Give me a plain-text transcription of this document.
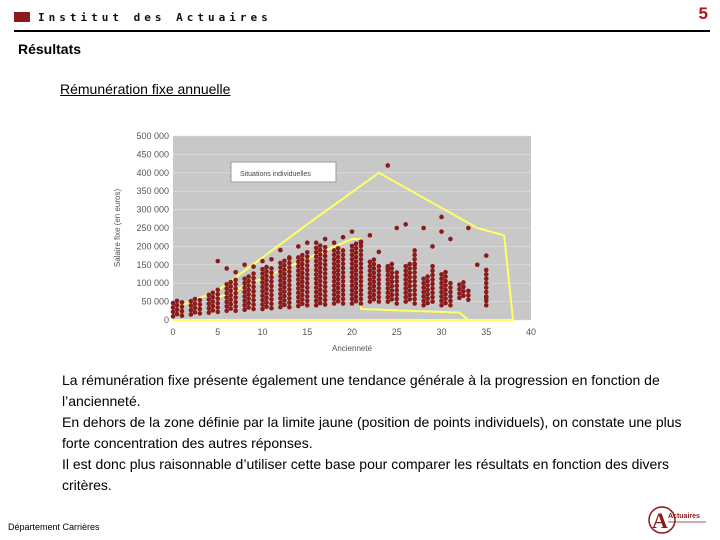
Institut des Actuaires	5
Résultats
Rémunération fixe annuelle
0
50 000
100 000
150 000
200 000
250 000
300 000
350 000
400 000
450 000
500 000
0	5	10	15	20	25	30	35	40
Situations individuelles
Ancienneté
Salaire fixe (en euros)

La rémunération fixe présente également une tendance générale à la progression en fonction de l’ancienneté.

En dehors de la zone définie par la limite jaune (position de points individuels), on constate une plus forte concentration des autres réponses.

Il est donc plus raisonnable d’utiliser cette base pour comparer les résultats en fonction des divers critères.

Département Carrières	A Actuaires
